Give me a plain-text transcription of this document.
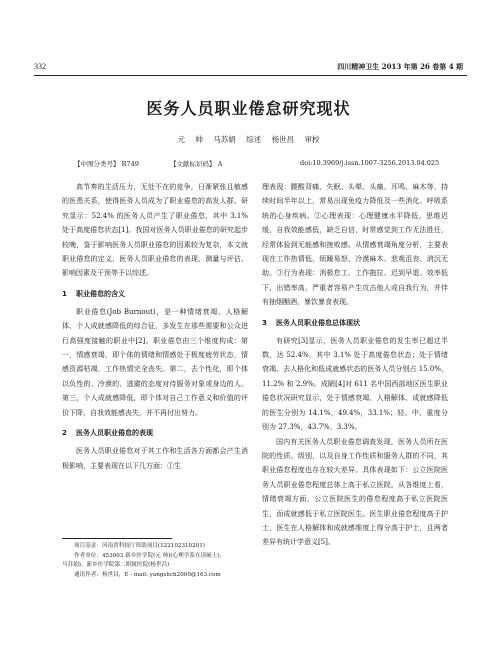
332	四川精神卫生 2013 年第 26 卷第 4 期
医务人员职业倦怠研究现状
元 帅 马苏娟 综述 杨世昌 审校
【中图分类号】 R749	【文献标识码】 A	doi:10.3969/j.issn.1007-3256.2013.04.025

高节奏的生活压力，无处不在的竞争，日渐紧张且敏感的医患关系，使得医务人员成为了职业倦怠的高发人群。研究显示：52.4% 的医务人员产生了职业倦怠，其中 3.1% 处于高度倦怠状态[1]。我国对医务人员职业倦怠的研究起步较晚，鉴于影响医务人员职业倦怠的因素较为复杂，本文就职业倦怠的定义、医务人员职业倦怠的表现、测量与评估、影响因素及干预等予以综述。

1 职业倦怠的含义

职业倦怠(Job Burnout)，是一种情绪衰竭、人格解体、个人成就感降低的综合征，多发生在那些需要和公众进行高强度接触的职业中[2]。职业倦怠由三个维度构成：第一，情感衰竭，即个体的情绪和情感处于极度疲劳状态，情感资源枯竭，工作热情完全丧失。第二，去个性化，即个体以负性的、冷漠的、逃避的态度对待服务对象或身边的人。第三，个人成就感降低，即个体对自己工作意义和价值的评价下降，自我效能感丧失，并不再付出努力。

2 医务人员职业倦怠的表现

医务人员职业倦怠对于其工作和生活各方面都会产生消极影响，主要表现在以下几方面：①生

理表现：腰酸背痛、失眠、头晕、头痛、耳鸣、麻木等，持续时间半年以上，常易出现免疫力降低及一些消化、呼吸系统的心身疾病。②心理表现：心理健康水平降低，思维迟缓，自我效能感低，缺乏自信，时常感觉到工作无法胜任，经常体验到无能感和挫败感。从情感衰竭角度分析，主要表现在工作热情低、烦躁易怒、冷漠麻木、悲观沮丧、消沉无助。③行为表现：消极怠工、工作拖拉、迟到早退、效率低下、出错率高。严重者容易产生攻击他人或自我行为，并伴有抽烟酗酒，暴饮暴食表现。

3 医务人员职业倦怠总体现状

有研究[3]显示，医务人员职业倦怠的发生率已超过半数，达 52.4%，其中 3.1% 处于高度倦怠状态；处于情绪衰竭、去人格化和低成就感状态的医务人员分别占 15.0%，11.2% 和 2.9%。成陋[4]对 611 名中国西部地区医生职业倦怠状况研究显示，处于情感衰竭、人格解体、成就感降低的医生分别为 14.1%，49.4%，33.1%；轻、中、重度分别为 27.3%，43.7%，3.3%。

国内有关医务人员职业倦怠调查发现，医务人员所在医院的性质、级别，以及自身工作性质和服务人群的不同，其职业倦怠程度也存在较大差异。具体表现如下：公立医院医务人员职业倦怠程度总体上高于私立医院。从各维度上看，情绪衰竭方面，公立医院医生的倦怠程度高于私立医院医生，而成就感低于私立医院医生。医生职业倦怠程度高于护士，医生在人格解体和成就感维度上得分高于护士，且两者差异有统计学意义[5]。

项目基金：河南省科技厅资助项目(122102310201)
作者单位：453003 新乡医学院(元 帅)(心理学系在读硕士)，
马苏娟)，新乡医学院第二附属医院(杨世昌)
通讯作者：杨世昌，E - mail: yangshch2000@163.com
